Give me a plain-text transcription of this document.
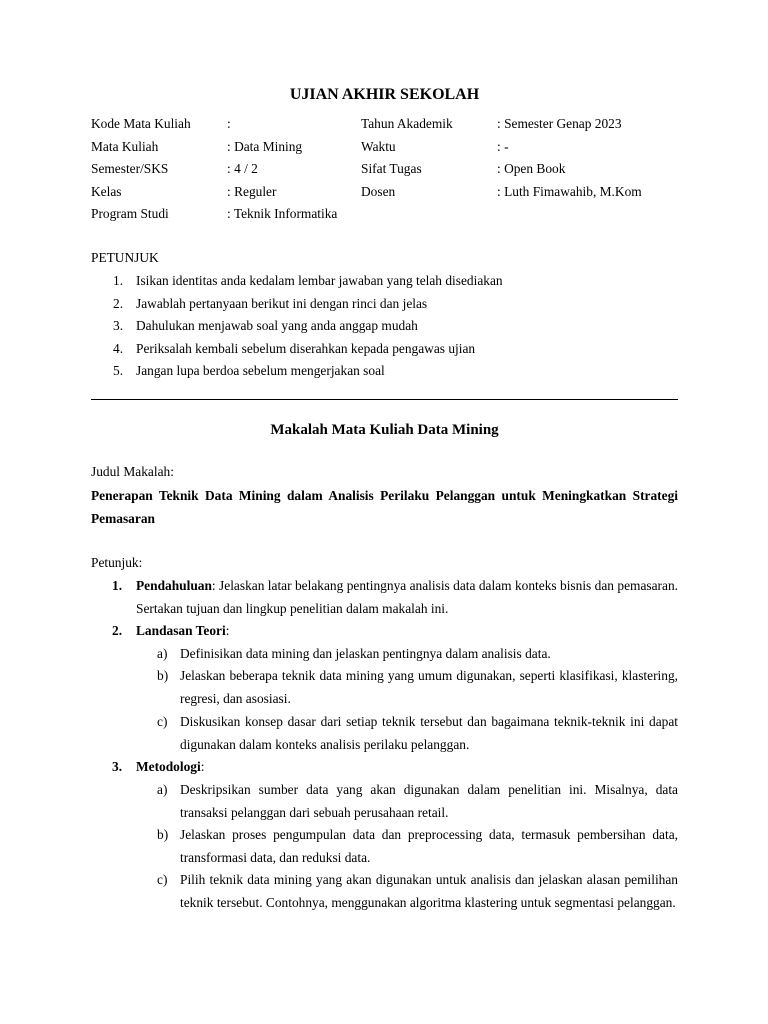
UJIAN AKHIR SEKOLAH
Kode Mata Kuliah	:	Tahun Akademik	: Semester Genap 2023
Mata Kuliah	: Data Mining	Waktu	: -
Semester/SKS	: 4 / 2	Sifat Tugas	: Open Book
Kelas	: Reguler	Dosen	: Luth Fimawahib, M.Kom
Program Studi	: Teknik Informatika
PETUNJUK
1. Isikan identitas anda kedalam lembar jawaban yang telah disediakan
2. Jawablah pertanyaan berikut ini dengan rinci dan jelas
3. Dahulukan menjawab soal yang anda anggap mudah
4. Periksalah kembali sebelum diserahkan kepada pengawas ujian
5. Jangan lupa berdoa sebelum mengerjakan soal
Makalah Mata Kuliah Data Mining
Judul Makalah:
Penerapan Teknik Data Mining dalam Analisis Perilaku Pelanggan untuk Meningkatkan Strategi Pemasaran
Petunjuk:
1. Pendahuluan: Jelaskan latar belakang pentingnya analisis data dalam konteks bisnis dan pemasaran. Sertakan tujuan dan lingkup penelitian dalam makalah ini.
2. Landasan Teori:
a) Definisikan data mining dan jelaskan pentingnya dalam analisis data.
b) Jelaskan beberapa teknik data mining yang umum digunakan, seperti klasifikasi, klastering, regresi, dan asosiasi.
c) Diskusikan konsep dasar dari setiap teknik tersebut dan bagaimana teknik-teknik ini dapat digunakan dalam konteks analisis perilaku pelanggan.
3. Metodologi:
a) Deskripsikan sumber data yang akan digunakan dalam penelitian ini. Misalnya, data transaksi pelanggan dari sebuah perusahaan retail.
b) Jelaskan proses pengumpulan data dan preprocessing data, termasuk pembersihan data, transformasi data, dan reduksi data.
c) Pilih teknik data mining yang akan digunakan untuk analisis dan jelaskan alasan pemilihan teknik tersebut. Contohnya, menggunakan algoritma klastering untuk segmentasi pelanggan.
